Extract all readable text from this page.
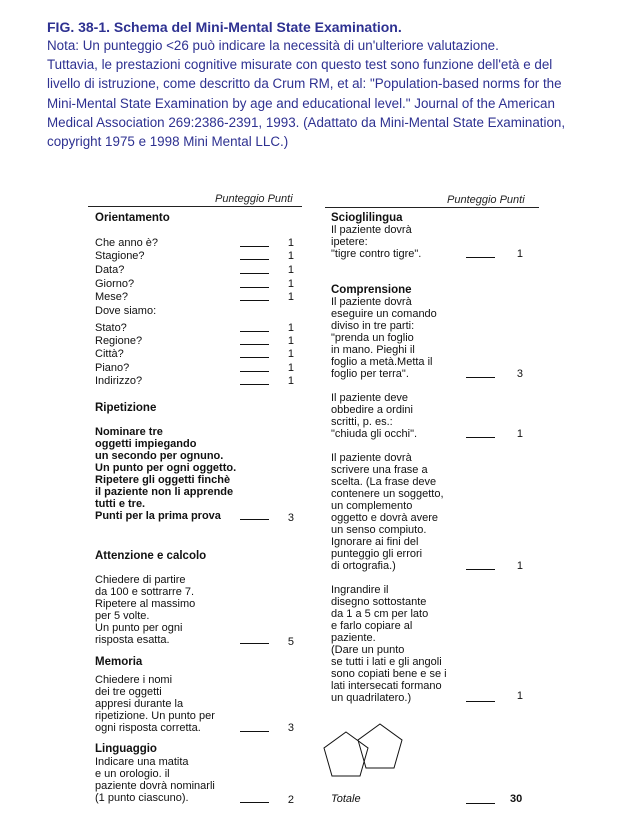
FIG. 38-1. Schema del Mini-Mental State Examination.

Nota: Un punteggio <26 può indicare la necessità di un'ulteriore valutazione.

Tuttavia, le prestazioni cognitive misurate con questo test sono funzione dell'età e del

livello di istruzione, come descritto da Crum RM, et al: "Population-based norms for the

Mini-Mental State Examination by age and educational level." Journal of the American

Medical Association 269:2386-2391, 1993. (Adattato da Mini-Mental State Examination,

copyright 1975 e 1998 Mini Mental LLC.)

Punteggio Punti	Punteggio Punti
Orientamento
Che anno è?	1
Stagione?	1
Data?	1
Giorno?	1
Mese?	1
Dove siamo:
Stato?	1
Regione?	1
Città?	1
Piano?	1
Indirizzo?	1
Ripetizione
Nominare tre
oggetti impiegando
un secondo per ognuno.
Un punto per ogni oggetto.
Ripetere gli oggetti finchè
il paziente non li apprende
tutti e tre.
Punti per la prima prova	3
Attenzione e calcolo
Chiedere di partire
da 100 e sottrarre 7.
Ripetere al massimo
per 5 volte.
Un punto per ogni
risposta esatta.	5
Memoria
Chiedere i nomi
dei tre oggetti
appresi durante la
ripetizione. Un punto per
ogni risposta corretta.	3
Linguaggio
Indicare una matita
e un orologio. il
paziente dovrà nominarli
(1 punto ciascuno).	2
Scioglilingua
Il paziente dovrà
ipetere:
"tigre contro tigre".	1
Comprensione
Il paziente dovrà
eseguire un comando
diviso in tre parti:
"prenda un foglio
in mano. Pieghi il
foglio a metà.Metta il
foglio per terra".	3
Il paziente deve
obbedire a ordini
scritti, p. es.:
"chiuda gli occhi".	1
Il paziente dovrà
scrivere una frase a
scelta. (La frase deve
contenere un soggetto,
un complemento
oggetto e dovrà avere
un senso compiuto.
Ignorare ai fini del
punteggio gli errori
di ortografia.)	1
Ingrandire il
disegno sottostante
da 1 a 5 cm per lato
e farlo copiare al
paziente.
(Dare un punto
se tutti i lati e gli angoli
sono copiati bene e se i
lati intersecati formano
un quadrilatero.)	1
Totale	30
